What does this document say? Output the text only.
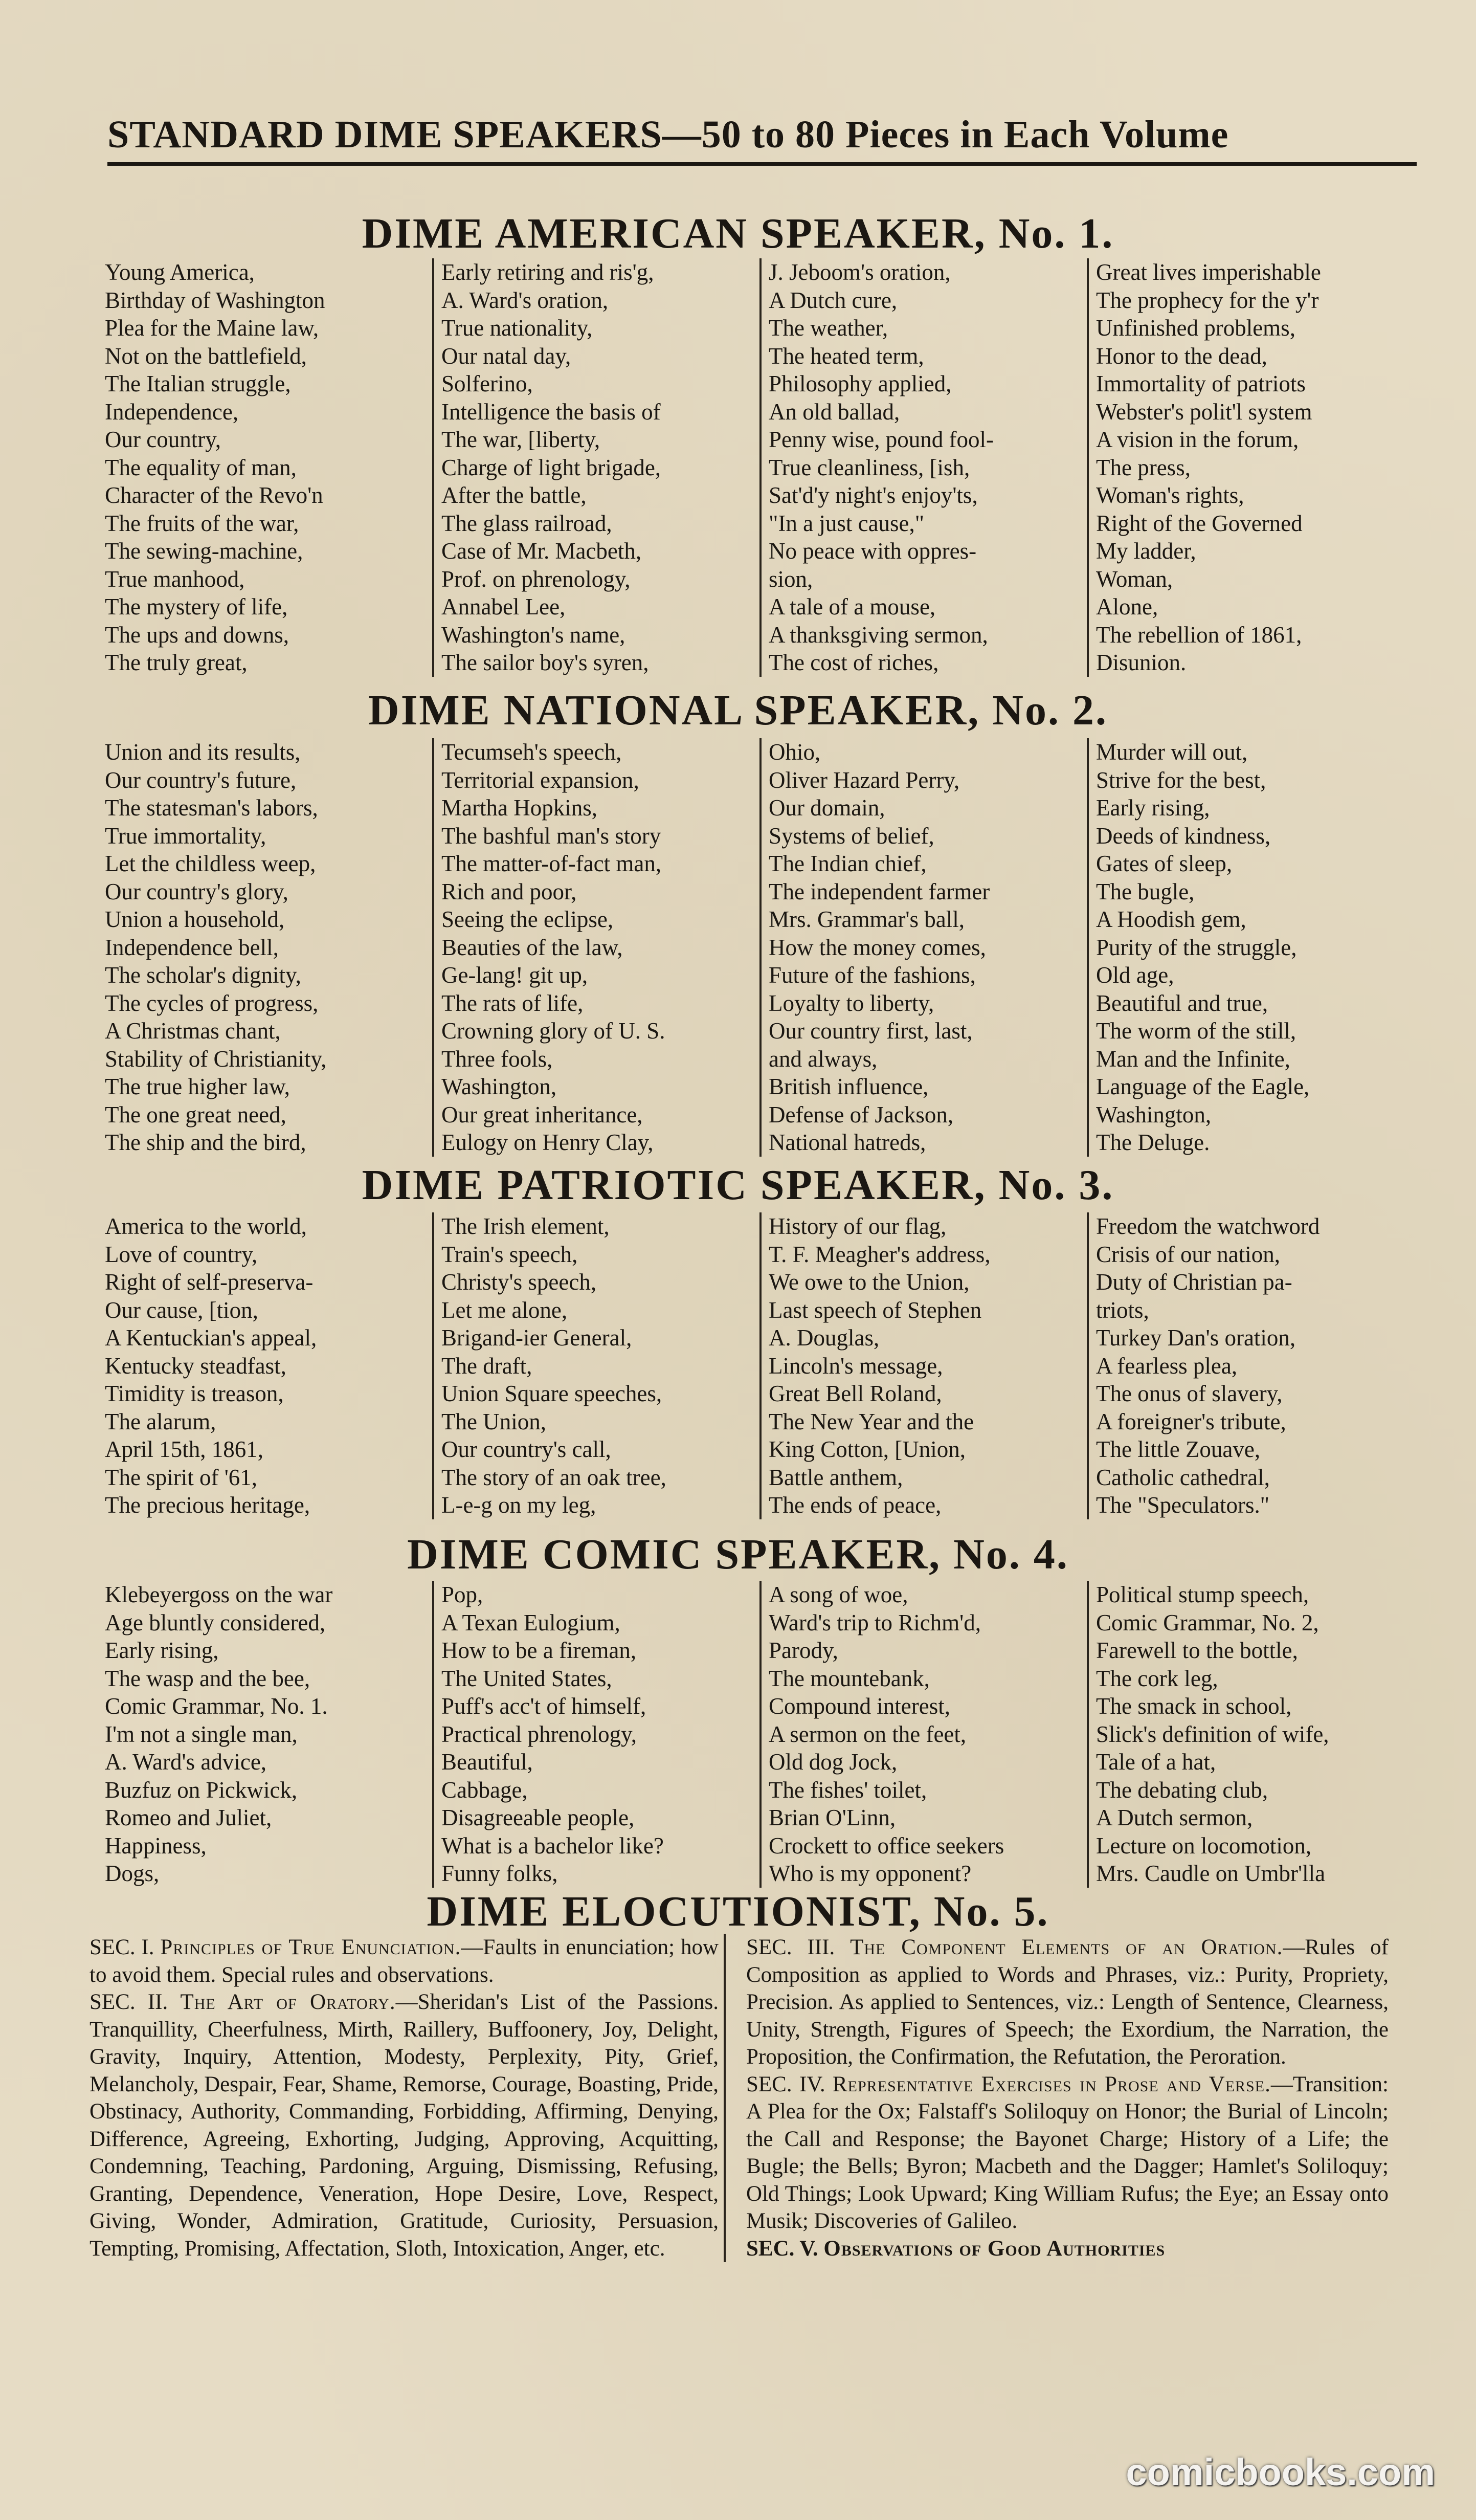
STANDARD DIME SPEAKERS—50 to 80 Pieces in Each Volume
DIME AMERICAN SPEAKER, No. 1.
Young America,
Birthday of Washington
Plea for the Maine law,
Not on the battlefield,
The Italian struggle,
Independence,
Our country,
The equality of man,
Character of the Revo'n
The fruits of the war,
The sewing-machine,
True manhood,
The mystery of life,
The ups and downs,
The truly great,
Early retiring and ris'g,
A. Ward's oration,
True nationality,
Our natal day,
Solferino,
Intelligence the basis of
The war, [liberty,
Charge of light brigade,
After the battle,
The glass railroad,
Case of Mr. Macbeth,
Prof. on phrenology,
Annabel Lee,
Washington's name,
The sailor boy's syren,
J. Jeboom's oration,
A Dutch cure,
The weather,
The heated term,
Philosophy applied,
An old ballad,
Penny wise, pound fool-
True cleanliness, [ish,
Sat'd'y night's enjoy'ts,
"In a just cause,"
No peace with oppres-
sion,
A tale of a mouse,
A thanksgiving sermon,
The cost of riches,
Great lives imperishable
The prophecy for the y'r
Unfinished problems,
Honor to the dead,
Immortality of patriots
Webster's polit'l system
A vision in the forum,
The press,
Woman's rights,
Right of the Governed
My ladder,
Woman,
Alone,
The rebellion of 1861,
Disunion.
DIME NATIONAL SPEAKER, No. 2.
Union and its results,
Our country's future,
The statesman's labors,
True immortality,
Let the childless weep,
Our country's glory,
Union a household,
Independence bell,
The scholar's dignity,
The cycles of progress,
A Christmas chant,
Stability of Christianity,
The true higher law,
The one great need,
The ship and the bird,
Tecumseh's speech,
Territorial expansion,
Martha Hopkins,
The bashful man's story
The matter-of-fact man,
Rich and poor,
Seeing the eclipse,
Beauties of the law,
Ge-lang! git up,
The rats of life,
Crowning glory of U. S.
Three fools,
Washington,
Our great inheritance,
Eulogy on Henry Clay,
Ohio,
Oliver Hazard Perry,
Our domain,
Systems of belief,
The Indian chief,
The independent farmer
Mrs. Grammar's ball,
How the money comes,
Future of the fashions,
Loyalty to liberty,
Our country first, last,
and always,
British influence,
Defense of Jackson,
National hatreds,
Murder will out,
Strive for the best,
Early rising,
Deeds of kindness,
Gates of sleep,
The bugle,
A Hoodish gem,
Purity of the struggle,
Old age,
Beautiful and true,
The worm of the still,
Man and the Infinite,
Language of the Eagle,
Washington,
The Deluge.
DIME PATRIOTIC SPEAKER, No. 3.
America to the world,
Love of country,
Right of self-preserva-
Our cause, [tion,
A Kentuckian's appeal,
Kentucky steadfast,
Timidity is treason,
The alarum,
April 15th, 1861,
The spirit of '61,
The precious heritage,
The Irish element,
Train's speech,
Christy's speech,
Let me alone,
Brigand-ier General,
The draft,
Union Square speeches,
The Union,
Our country's call,
The story of an oak tree,
L-e-g on my leg,
History of our flag,
T. F. Meagher's address,
We owe to the Union,
Last speech of Stephen
A. Douglas,
Lincoln's message,
Great Bell Roland,
The New Year and the
King Cotton, [Union,
Battle anthem,
The ends of peace,
Freedom the watchword
Crisis of our nation,
Duty of Christian pa-
triots,
Turkey Dan's oration,
A fearless plea,
The onus of slavery,
A foreigner's tribute,
The little Zouave,
Catholic cathedral,
The "Speculators."
DIME COMIC SPEAKER, No. 4.
Klebeyergoss on the war
Age bluntly considered,
Early rising,
The wasp and the bee,
Comic Grammar, No. 1.
I'm not a single man,
A. Ward's advice,
Buzfuz on Pickwick,
Romeo and Juliet,
Happiness,
Dogs,
Pop,
A Texan Eulogium,
How to be a fireman,
The United States,
Puff's acc't of himself,
Practical phrenology,
Beautiful,
Cabbage,
Disagreeable people,
What is a bachelor like?
Funny folks,
A song of woe,
Ward's trip to Richm'd,
Parody,
The mountebank,
Compound interest,
A sermon on the feet,
Old dog Jock,
The fishes' toilet,
Brian O'Linn,
Crockett to office seekers
Who is my opponent?
Political stump speech,
Comic Grammar, No. 2,
Farewell to the bottle,
The cork leg,
The smack in school,
Slick's definition of wife,
Tale of a hat,
The debating club,
A Dutch sermon,
Lecture on locomotion,
Mrs. Caudle on Umbr'lla
DIME ELOCUTIONIST, No. 5.
SEC. I. Principles of True Enunciation.—Faults in enunciation; how to avoid them. Special rules and observations.
SEC. II. The Art of Oratory.—Sheridan's List of the Passions. Tranquillity, Cheerfulness, Mirth, Raillery, Buffoonery, Joy, Delight, Gravity, Inquiry, Attention, Modesty, Perplexity, Pity, Grief, Melancholy, Despair, Fear, Shame, Remorse, Courage, Boasting, Pride, Obstinacy, Authority, Commanding, Forbidding, Affirming, Denying, Difference, Agreeing, Exhorting, Judging, Approving, Acquitting, Condemning, Teaching, Pardoning, Arguing, Dismissing, Refusing, Granting, Dependence, Veneration, Hope Desire, Love, Respect, Giving, Wonder, Admiration, Gratitude, Curiosity, Persuasion, Tempting, Promising, Affectation, Sloth, Intoxication, Anger, etc.
SEC. III. The Component Elements of an Oration.—Rules of Composition as applied to Words and Phrases, viz.: Purity, Propriety, Precision. As applied to Sentences, viz.: Length of Sentence, Clearness, Unity, Strength, Figures of Speech; the Exordium, the Narration, the Proposition, the Confirmation, the Refutation, the Peroration.
SEC. IV. Representative Exercises in Prose and Verse.—Transition: A Plea for the Ox; Falstaff's Soliloquy on Honor; the Burial of Lincoln; the Call and Response; the Bayonet Charge; History of a Life; the Bugle; the Bells; Byron; Macbeth and the Dagger; Hamlet's Soliloquy; Old Things; Look Upward; King William Rufus; the Eye; an Essay onto Musik; Discoveries of Galileo.
SEC. V. Observations of Good Authorities
comicbooks.com
